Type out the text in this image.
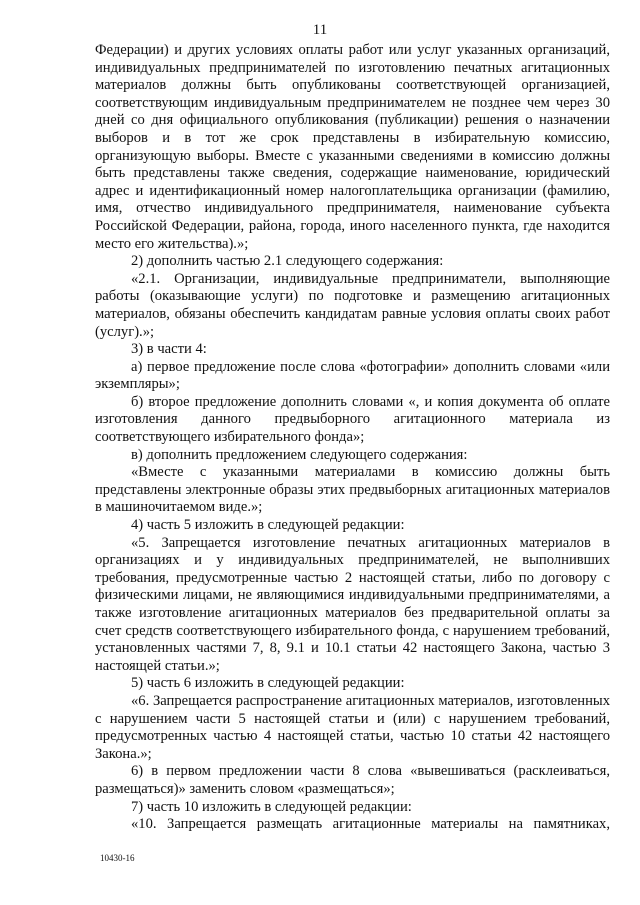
11

Федерации) и других условиях оплаты работ или услуг указанных организаций, индивидуальных предпринимателей по изготовлению печатных агитационных материалов должны быть опубликованы соответствующей организацией, соответствующим индивидуальным предпринимателем не позднее чем через 30 дней со дня официального опубликования (публикации) решения о назначении выборов и в тот же срок представлены в избирательную комиссию, организующую выборы. Вместе с указанными сведениями в комиссию должны быть представлены также сведения, содержащие наименование, юридический адрес и идентификационный номер налогоплательщика организации (фамилию, имя, отчество индивидуального предпринимателя, наименование субъекта Российской Федерации, района, города, иного населенного пункта, где находится место его жительства).»;

2) дополнить частью 2.1 следующего содержания:

«2.1. Организации, индивидуальные предприниматели, выполняющие работы (оказывающие услуги) по подготовке и размещению агитационных материалов, обязаны обеспечить кандидатам равные условия оплаты своих работ (услуг).»;

3) в части 4:

а) первое предложение после слова «фотографии» дополнить словами «или экземпляры»;

б) второе предложение дополнить словами «, и копия документа об оплате изготовления данного предвыборного агитационного материала из соответствующего избирательного фонда»;

в) дополнить предложением следующего содержания:

«Вместе с указанными материалами в комиссию должны быть представлены электронные образы этих предвыборных агитационных материалов в машиночитаемом виде.»;

4) часть 5 изложить в следующей редакции:

«5. Запрещается изготовление печатных агитационных материалов в организациях и у индивидуальных предпринимателей, не выполнивших требования, предусмотренные частью 2 настоящей статьи, либо по договору с физическими лицами, не являющимися индивидуальными предпринимателями, а также изготовление агитационных материалов без предварительной оплаты за счет средств соответствующего избирательного фонда, с нарушением требований, установленных частями 7, 8, 9.1 и 10.1 статьи 42 настоящего Закона, частью 3 настоящей статьи.»;

5) часть 6 изложить в следующей редакции:

«6. Запрещается распространение агитационных материалов, изготовленных с нарушением части 5 настоящей статьи и (или) с нарушением требований, предусмотренных частью 4 настоящей статьи, частью 10 статьи 42 настоящего Закона.»;

6) в первом предложении части 8 слова «вывешиваться (расклеиваться, размещаться)» заменить словом «размещаться»;

7) часть 10 изложить в следующей редакции:

«10. Запрещается размещать агитационные материалы на памятниках,

10430-16
